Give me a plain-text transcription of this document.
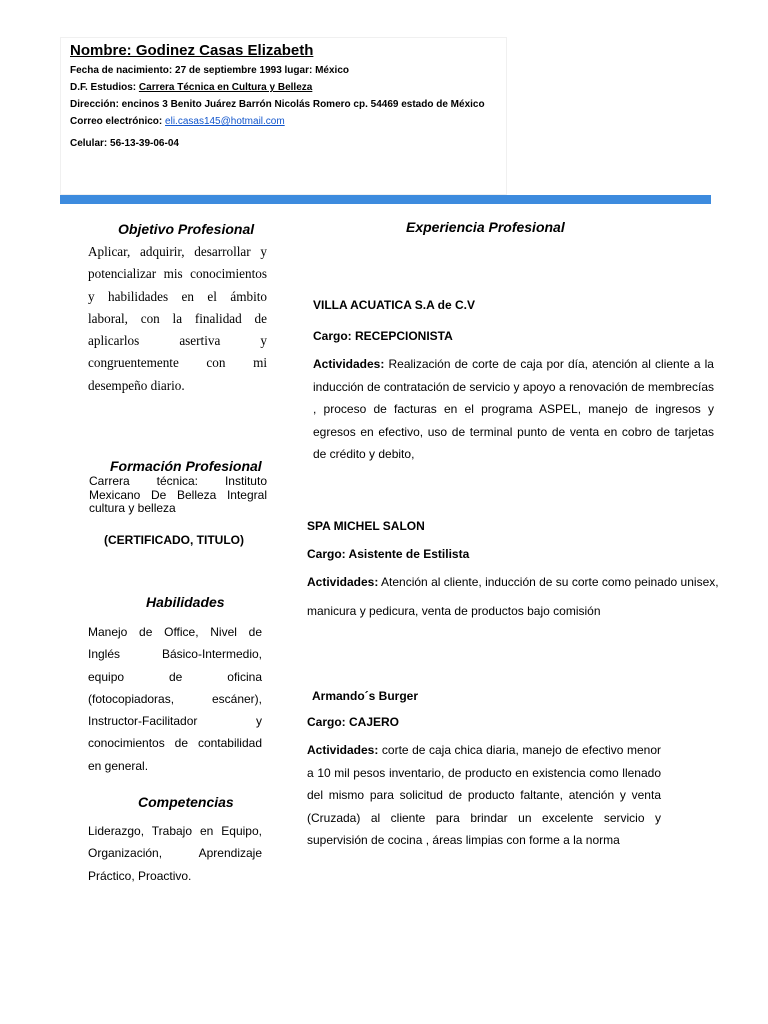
Nombre: Godinez Casas Elizabeth
Fecha de nacimiento: 27 de septiembre 1993 lugar: México
D.F. Estudios: Carrera Técnica en Cultura y Belleza
Dirección: encinos 3 Benito Juárez Barrón Nicolás Romero cp. 54469 estado de México
Correo electrónico: eli.casas145@hotmail.com
Celular: 56-13-39-06-04
Objetivo Profesional
Aplicar, adquirir, desarrollar y potencializar mis conocimientos y habilidades en el ámbito laboral, con la finalidad de aplicarlos asertiva y congruentemente con mi desempeño diario.
Formación Profesional
Carrera técnica: Instituto Mexicano De Belleza Integral cultura y belleza
(CERTIFICADO, TITULO)
Habilidades
Manejo de Office, Nivel de Inglés Básico-Intermedio, equipo de oficina (fotocopiadoras, escáner), Instructor-Facilitador y conocimientos de contabilidad en general.
Competencias
Liderazgo, Trabajo en Equipo, Organización, Aprendizaje Práctico, Proactivo.
Experiencia Profesional
VILLA ACUATICA S.A de C.V
Cargo: RECEPCIONISTA
Actividades: Realización de corte de caja por día, atención al cliente a la inducción de contratación de servicio y apoyo a renovación de membrecías , proceso de facturas en el programa ASPEL, manejo de ingresos y egresos en efectivo, uso de terminal punto de venta en cobro de tarjetas de crédito y debito,
SPA MICHEL SALON
Cargo: Asistente de Estilista
Actividades: Atención al cliente, inducción de su corte como peinado unisex,
manicura y pedicura, venta de productos bajo comisión
Armando´s Burger
Cargo: CAJERO
Actividades: corte de caja chica diaria, manejo de efectivo menor a 10 mil pesos inventario, de producto en existencia como llenado del mismo para solicitud de producto faltante, atención y venta (Cruzada) al cliente para brindar un excelente servicio y supervisión de cocina , áreas limpias con forme a la norma
